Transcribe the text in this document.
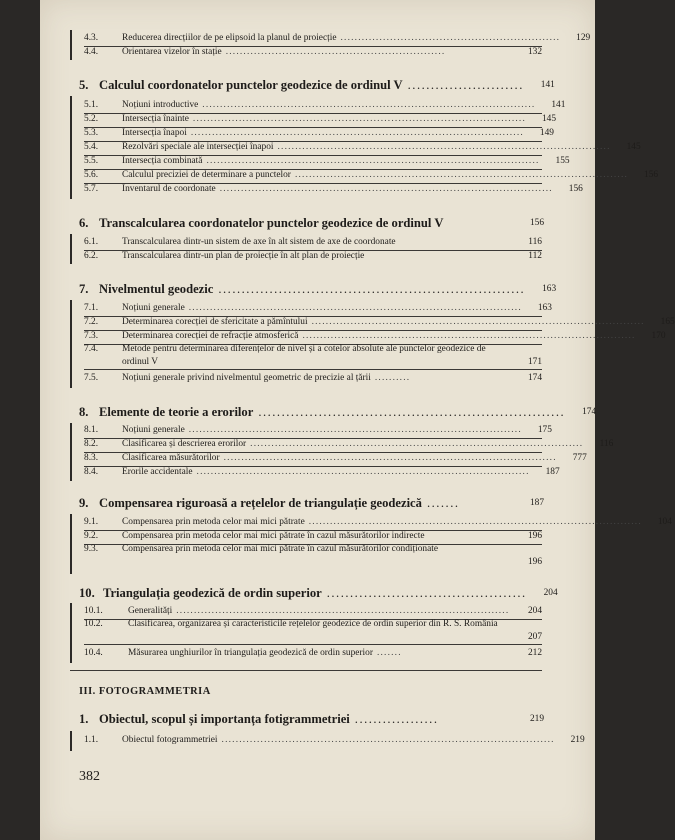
4.3.	Reducerea direcțiilor de pe elipsoid la planul de proiecție ..............................................................	129
4.4.	Orientarea vizelor în stație ..............................................................	132
5. Calculul coordonatelor punctelor geodezice de ordinul V .........................	141
5.1.	Noțiuni introductive ..............................................................................................	141
5.2.	Intersecția înainte ..............................................................................................	145
5.3.	Intersecția înapoi ..............................................................................................	149
5.4.	Rezolvări speciale ale intersecției înapoi ..............................................................................................	145
5.5.	Intersecția combinată ..............................................................................................	155
5.6.	Calculul preciziei de determinare a punctelor ..............................................................................................	156
5.7.	Inventarul de coordonate ..............................................................................................	156
6. Transcalcularea coordonatelor punctelor geodezice de ordinul V	156
6.1.	Transcalcularea dintr-un sistem de axe în alt sistem de axe de coordonate	116
6.2.	Transcalcularea dintr-un plan de proiecție în alt plan de proiecție	112
7. Nivelmentul geodezic ..................................................................	163
7.1.	Noțiuni generale ..............................................................................................	163
7.2.	Determinarea corecției de sfericitate a pămîntului ..............................................................................................	165
7.3.	Determinarea corecției de refracție atmosferică ..............................................................................................	170
7.4.	Metode pentru determinarea diferențelor de nivel și a cotelor absolute ale punctelor geodezice de ordinul V	171
7.5.	Noțiuni generale privind nivelmentul geometric de precizie al țării ..........	174
8. Elemente de teorie a erorilor ..................................................................	174
8.1.	Noțiuni generale ..............................................................................................	175
8.2.	Clasificarea și descrierea erorilor ..............................................................................................	116
8.3.	Clasificarea măsurătorilor ..............................................................................................	777
8.4.	Erorile accidentale ..............................................................................................	187
9. Compensarea riguroasă a rețelelor de triangulație geodezică .......	187
9.1.	Compensarea prin metoda celor mai mici pătrate ..............................................................................................	104
9.2.	Compensarea prin metoda celor mai mici pătrate în cazul măsurătorilor indirecte	196
9.3.	Compensarea prin metoda celor mai mici pătrate în cazul măsurătorilor condiționate
196
10. Triangulația geodezică de ordin superior ...........................................	204
10.1.	Generalități ..............................................................................................	204
10.2.	Clasificarea, organizarea și caracteristicile rețelelor geodezice de ordin superior din R. S. România
207
10.4.	Măsurarea unghiurilor în triangulația geodezică de ordin superior .......	212
III. FOTOGRAMMETRIA
1. Obiectul, scopul și importanța fotigrammetriei ..................	219
1.1.	Obiectul fotogrammetriei ..............................................................................................	219
382
